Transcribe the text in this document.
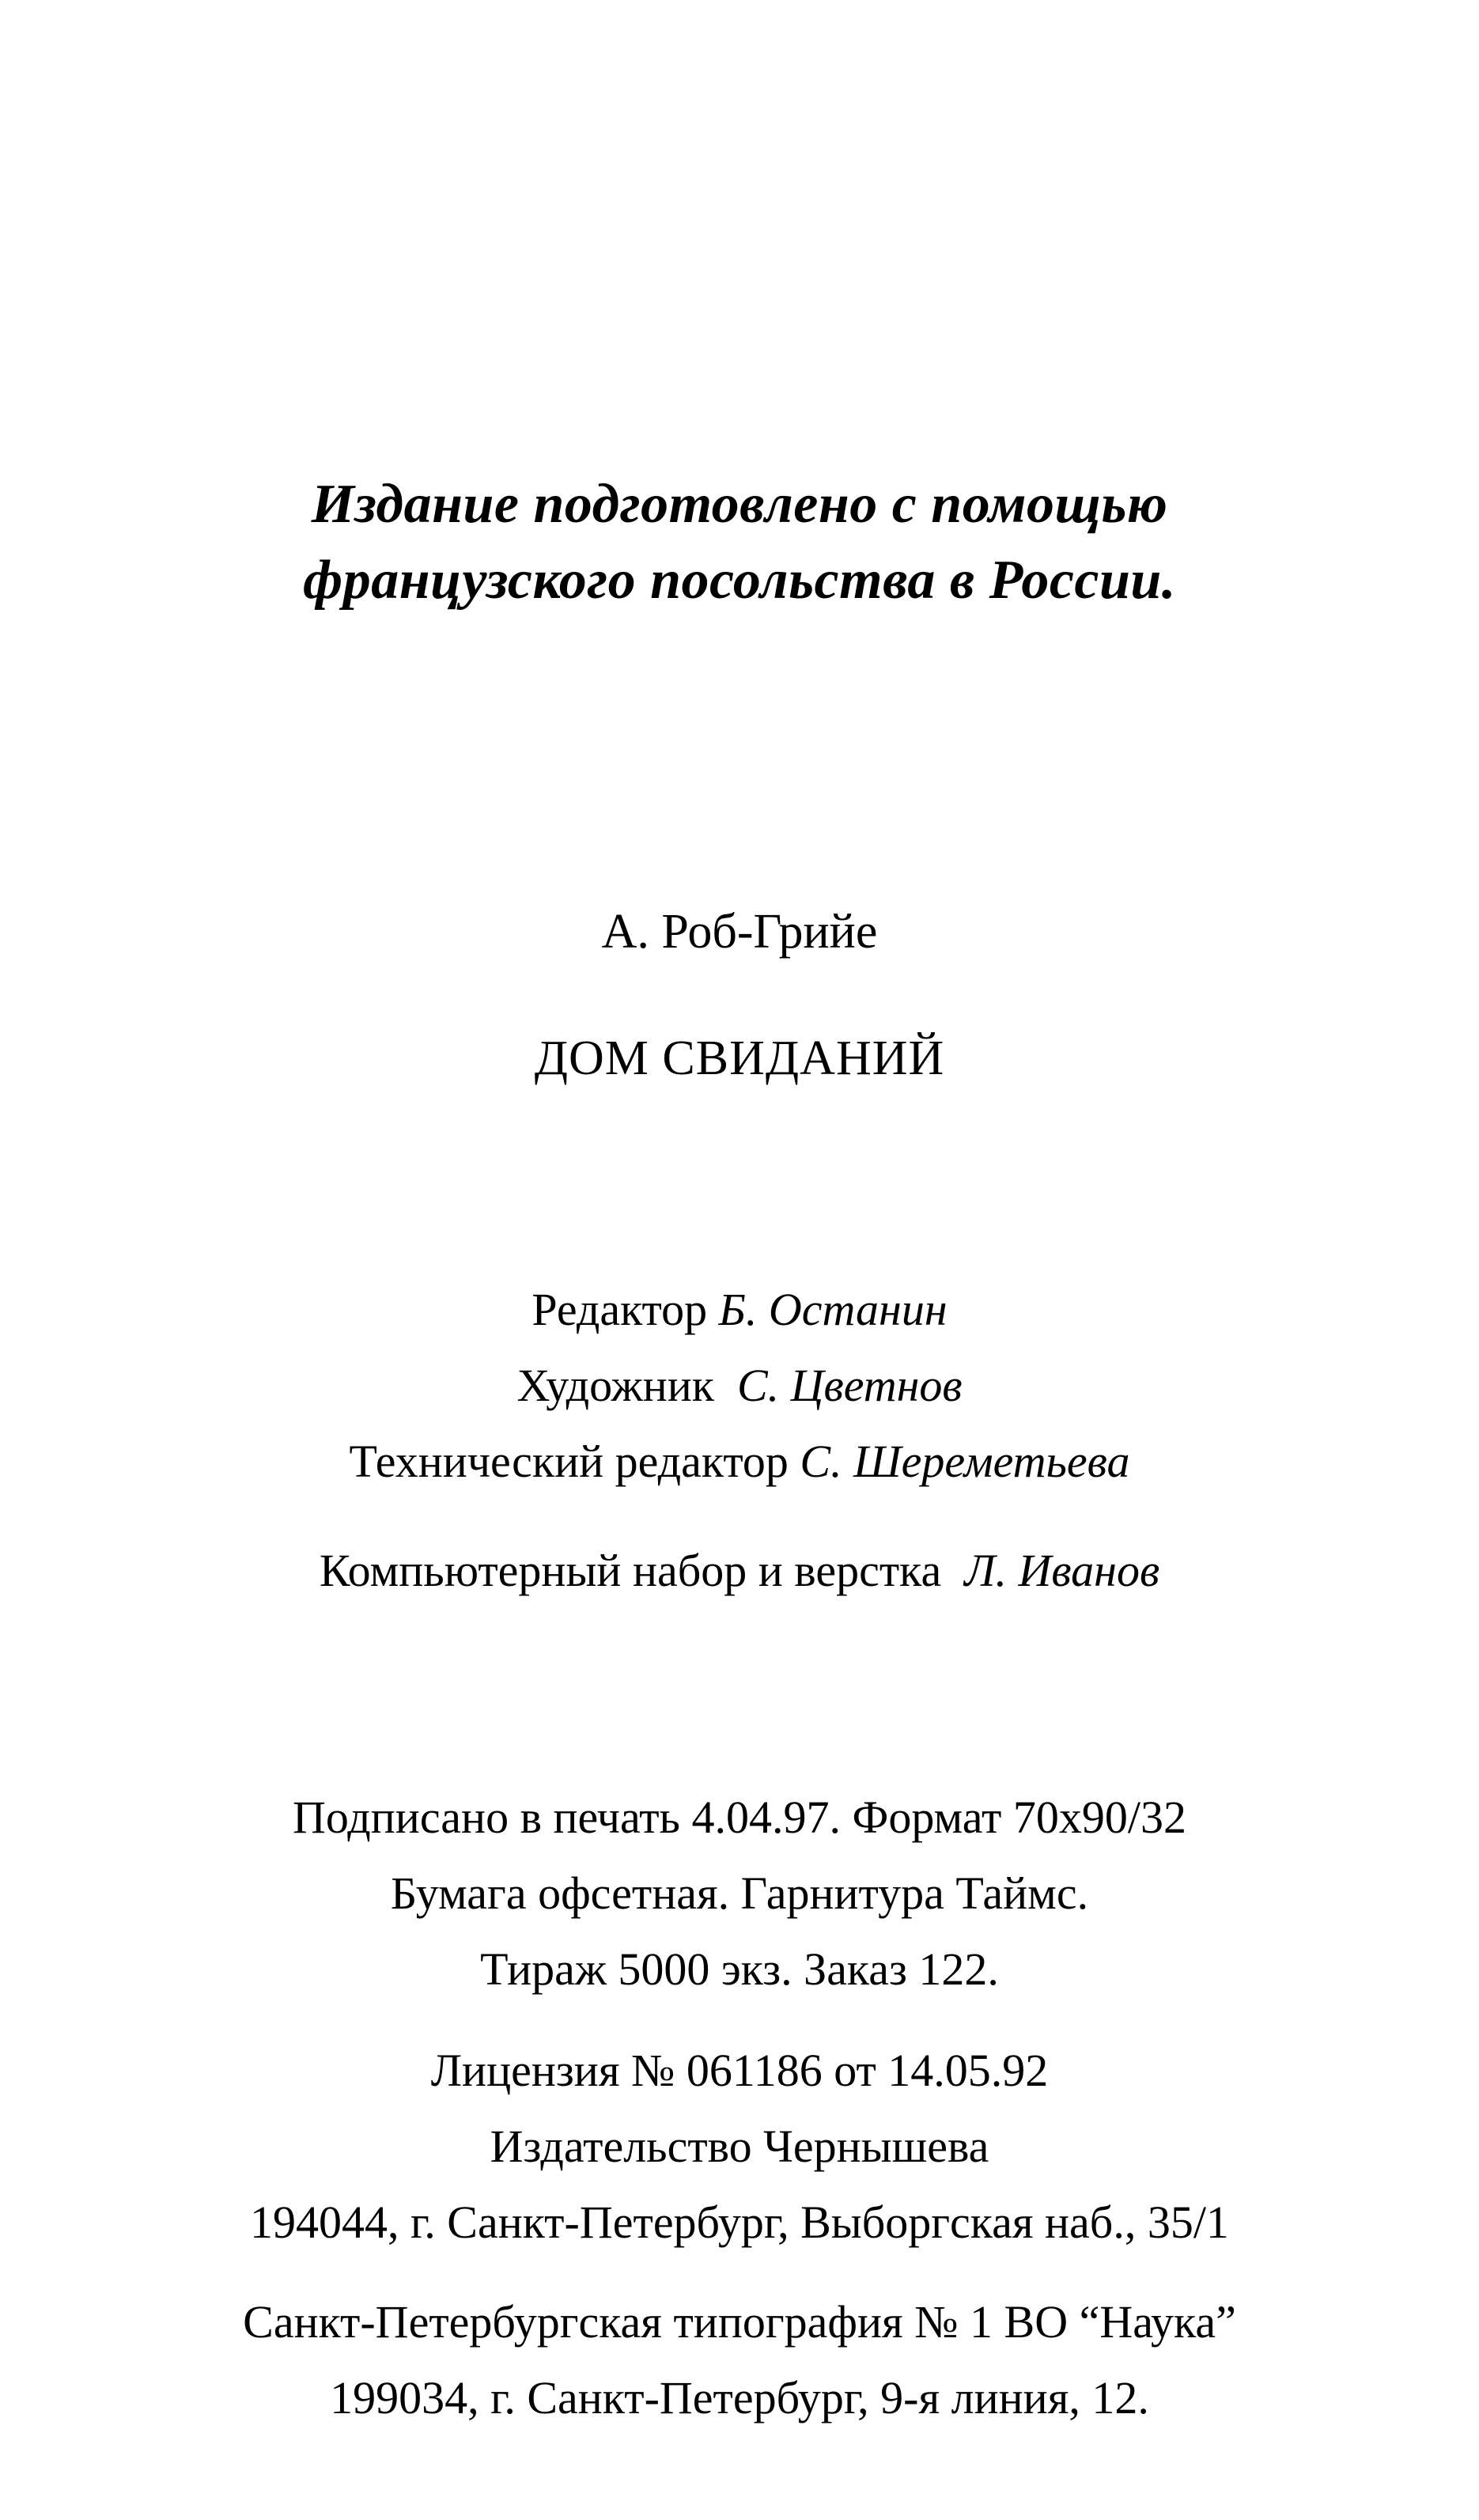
Издание подготовлено с помощью
французского посольства в России.
А. Роб-Грийе
ДОМ СВИДАНИЙ
Редактор Б. Останин
Художник С. Цветнов
Технический редактор С. Шереметьева
Компьютерный набор и верстка Л. Иванов
Подписано в печать 4.04.97. Формат 70х90/32
Бумага офсетная. Гарнитура Таймс.
Тираж 5000 экз. Заказ 122.
Лицензия № 061186 от 14.05.92
Издательство Чернышева
194044, г. Санкт-Петербург, Выборгская наб., 35/1
Санкт-Петербургская типография № 1 ВО “Наука”
199034, г. Санкт-Петербург, 9-я линия, 12.
